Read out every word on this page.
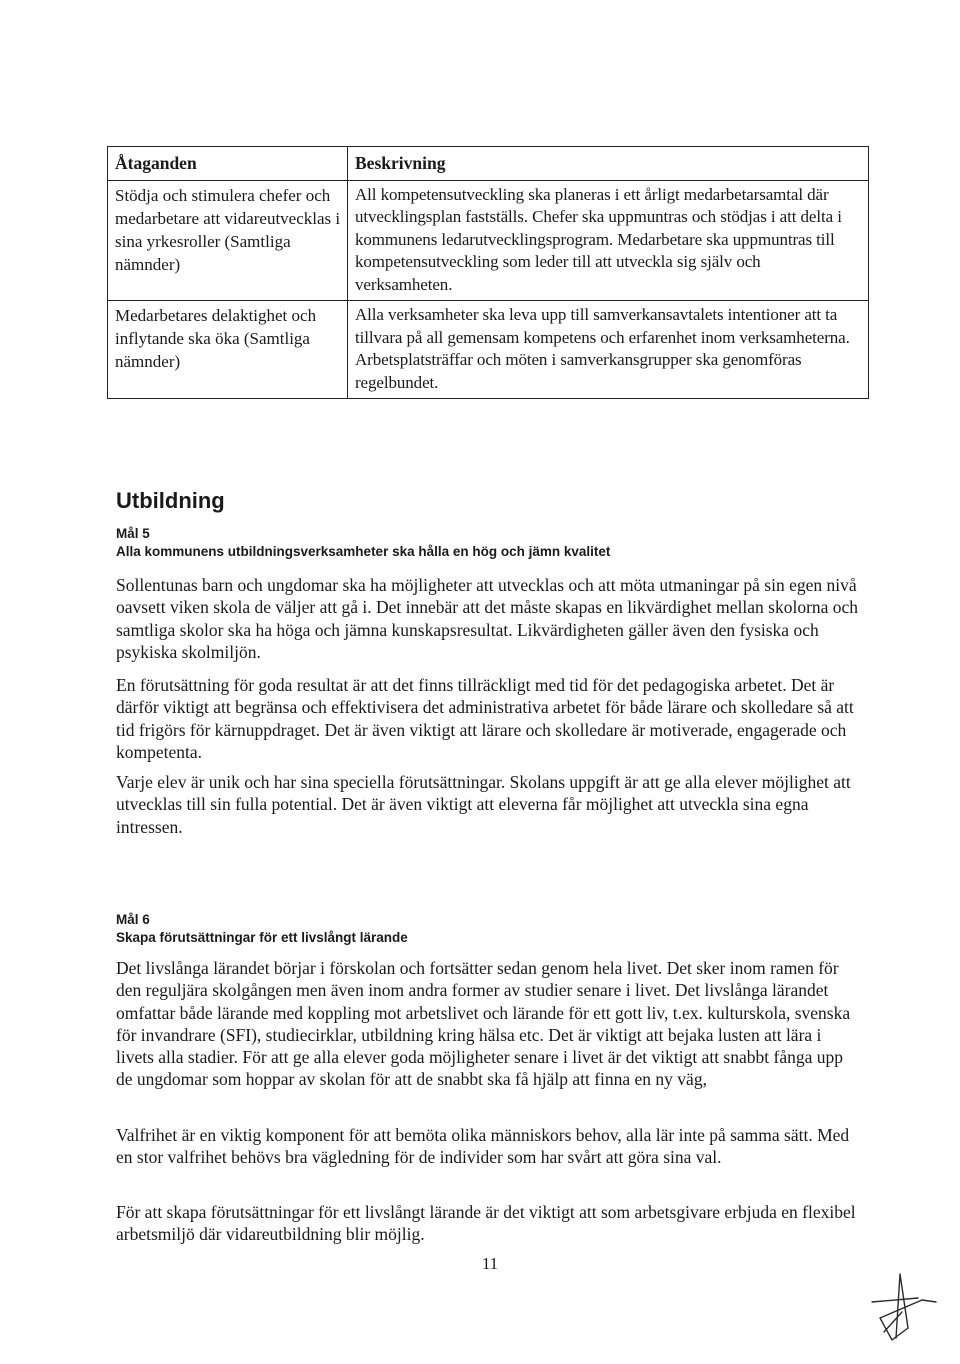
Åtaganden	Beskrivning
Stödja och stimulera chefer och medarbetare att vidareutvecklas i sina yrkesroller (Samtliga nämnder)	All kompetensutveckling ska planeras i ett årligt medarbetarsamtal där utvecklingsplan fastställs. Chefer ska uppmuntras och stödjas i att delta i kommunens ledarutvecklingsprogram. Medarbetare ska uppmuntras till kompetensutveckling som leder till att utveckla sig själv och verksamheten.
Medarbetares delaktighet och inflytande ska öka (Samtliga nämnder)	Alla verksamheter ska leva upp till samverkansavtalets intentioner att ta tillvara på all gemensam kompetens och erfarenhet inom verksamheterna. Arbetsplatsträffar och möten i samverkansgrupper ska genomföras regelbundet.
Utbildning
Mål 5
Alla kommunens utbildningsverksamheter ska hålla en hög och jämn kvalitet
Sollentunas barn och ungdomar ska ha möjligheter att utvecklas och att möta utmaningar på sin egen nivå oavsett viken skola de väljer att gå i. Det innebär att det måste skapas en likvärdighet mellan skolorna och samtliga skolor ska ha höga och jämna kunskapsresultat. Likvärdigheten gäller även den fysiska och psykiska skolmiljön.
En förutsättning för goda resultat är att det finns tillräckligt med tid för det pedagogiska arbetet. Det är därför viktigt att begränsa och effektivisera det administrativa arbetet för både lärare och skolledare så att tid frigörs för kärnuppdraget. Det är även viktigt att lärare och skolledare är motiverade, engagerade och kompetenta.
Varje elev är unik och har sina speciella förutsättningar. Skolans uppgift är att ge alla elever möjlighet att utvecklas till sin fulla potential. Det är även viktigt att eleverna får möjlighet att utveckla sina egna intressen.
Mål 6
Skapa förutsättningar för ett livslångt lärande
Det livslånga lärandet börjar i förskolan och fortsätter sedan genom hela livet. Det sker inom ramen för den reguljära skolgången men även inom andra former av studier senare i livet. Det livslånga lärandet omfattar både lärande med koppling mot arbetslivet och lärande för ett gott liv, t.ex. kulturskola, svenska för invandrare (SFI), studiecirklar, utbildning kring hälsa etc. Det är viktigt att bejaka lusten att lära i livets alla stadier. För att ge alla elever goda möjligheter senare i livet är det viktigt att snabbt fånga upp de ungdomar som hoppar av skolan för att de snabbt ska få hjälp att finna en ny väg,
Valfrihet är en viktig komponent för att bemöta olika människors behov, alla lär inte på samma sätt. Med en stor valfrihet behövs bra vägledning för de individer som har svårt att göra sina val.
För att skapa förutsättningar för ett livslångt lärande är det viktigt att som arbetsgivare erbjuda en flexibel arbetsmiljö där vidareutbildning blir möjlig.
11
